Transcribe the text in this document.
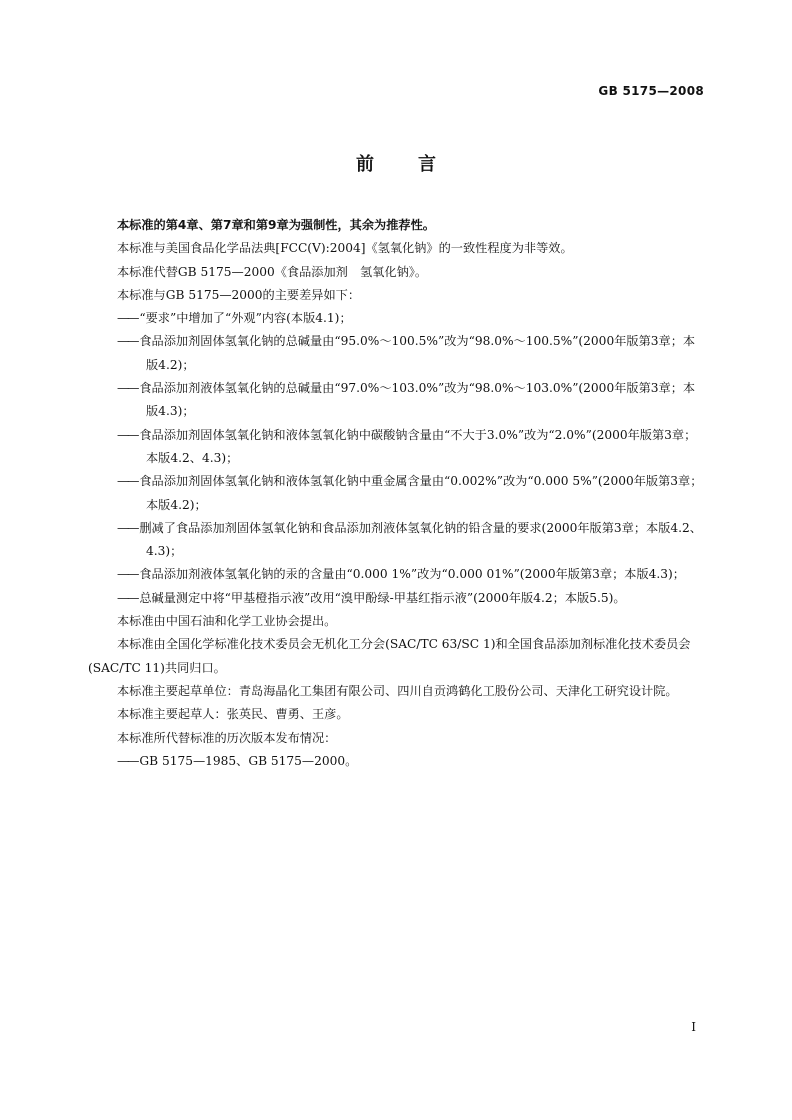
GB 5175—2008
前 言

本标准的第4章、第7章和第9章为强制性，其余为推荐性。

本标准与美国食品化学品法典[FCC(V):2004]《氢氧化钠》的一致性程度为非等效。

本标准代替GB 5175—2000《食品添加剂　氢氧化钠》。

本标准与GB 5175—2000的主要差异如下：

—— “要求”中增加了“外观”内容(本版4.1)；

—— 食品添加剂固体氢氧化钠的总碱量由“95.0%～100.5%”改为“98.0%～100.5%”(2000年版第3章；本版4.2)；

—— 食品添加剂液体氢氧化钠的总碱量由“97.0%～103.0%”改为“98.0%～103.0%”(2000年版第3章；本版4.3)；

—— 食品添加剂固体氢氧化钠和液体氢氧化钠中碳酸钠含量由“不大于3.0%”改为“2.0%”(2000年版第3章；本版4.2、4.3)；

—— 食品添加剂固体氢氧化钠和液体氢氧化钠中重金属含量由“0.002%”改为“0.000 5%”(2000年版第3章；本版4.2)；

—— 删减了食品添加剂固体氢氧化钠和食品添加剂液体氢氧化钠的铅含量的要求(2000年版第3章；本版4.2、4.3)；

—— 食品添加剂液体氢氧化钠的汞的含量由“0.000 1%”改为“0.000 01%”(2000年版第3章；本版4.3)；

—— 总碱量测定中将“甲基橙指示液”改用“溴甲酚绿-甲基红指示液”(2000年版4.2；本版5.5)。

本标准由中国石油和化学工业协会提出。

本标准由全国化学标准化技术委员会无机化工分会(SAC/TC 63/SC 1)和全国食品添加剂标准化技术委员会(SAC/TC 11)共同归口。

本标准主要起草单位：青岛海晶化工集团有限公司、四川自贡鸿鹤化工股份公司、天津化工研究设计院。

本标准主要起草人：张英民、曹勇、王彦。

本标准所代替标准的历次版本发布情况：

—— GB 5175—1985、GB 5175—2000。

I
